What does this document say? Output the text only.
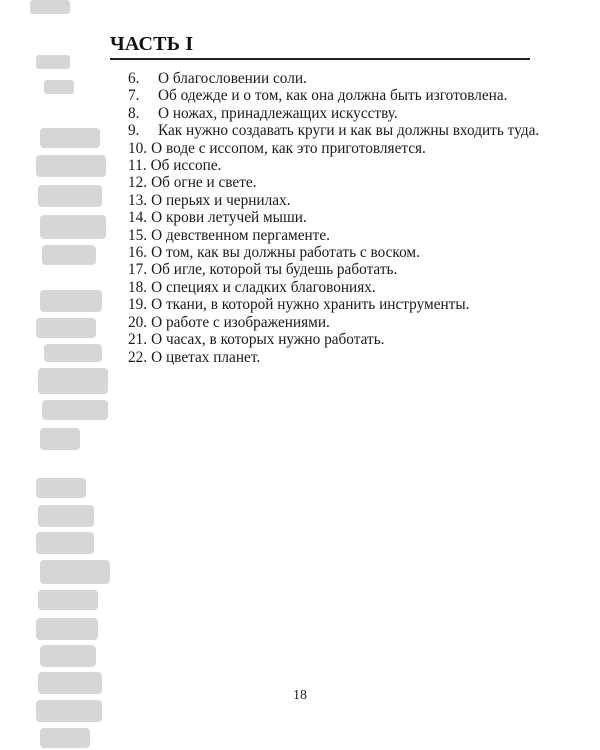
ЧАСТЬ I
6.	О благословении соли.
7.	Об одежде и о том, как она должна быть изготовлена.
8.	О ножах, принадлежащих искусству.
9.	Как нужно создавать круги и как вы должны входить туда.
10. О воде с иссопом, как это приготовляется.
11. Об иссопе.
12. Об огне и свете.
13. О перьях и чернилах.
14. О крови летучей мыши.
15. О девственном пергаменте.
16. О том, как вы должны работать с воском.
17. Об игле, которой ты будешь работать.
18. О специях и сладких благовониях.
19. О ткани, в которой нужно хранить инструменты.
20. О работе с изображениями.
21. О часах, в которых нужно работать.
22. О цветах планет.
18
